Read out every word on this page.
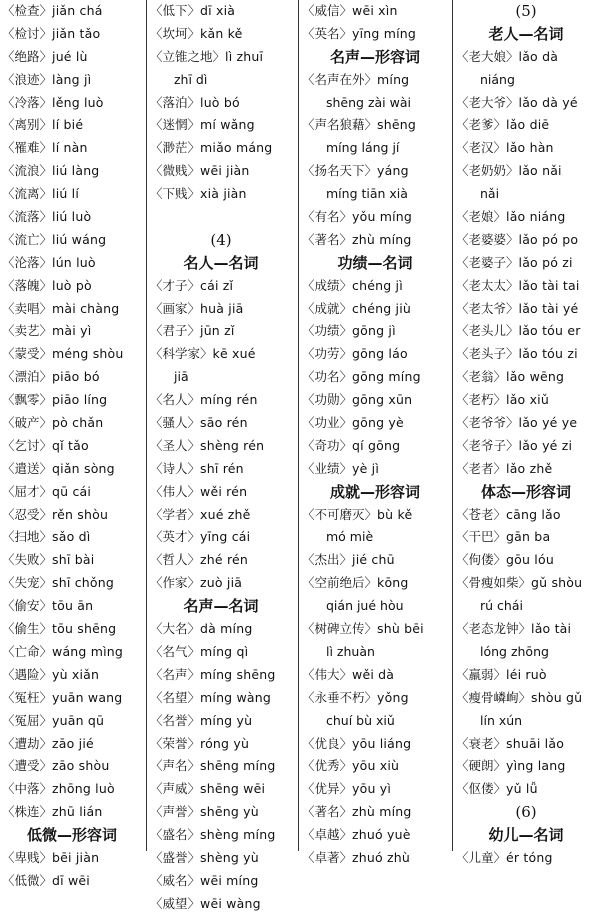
〈检查〉jiǎn chá
〈检讨〉jiǎn tǎo
〈绝路〉jué lù
〈浪迹〉làng jì
〈冷落〉lěng luò
〈离别〉lí bié
〈罹难〉lí nàn
〈流浪〉liú làng
〈流离〉liú lí
〈流落〉liú luò
〈流亡〉liú wáng
〈沦落〉lún luò
〈落魄〉luò pò
〈卖唱〉mài chàng
〈卖艺〉mài yì
〈蒙受〉méng shòu
〈漂泊〉piāo bó
〈飘零〉piāo líng
〈破产〉pò chǎn
〈乞讨〉qǐ tǎo
〈遣送〉qiǎn sòng
〈屈才〉qū cái
〈忍受〉rěn shòu
〈扫地〉sǎo dì
〈失败〉shī bài
〈失宠〉shī chǒng
〈偷安〉tōu ān
〈偷生〉tōu shēng
〈亡命〉wáng mìng
〈遇险〉yù xiǎn
〈冤枉〉yuān wang
〈冤屈〉yuān qū
〈遭劫〉zāo jié
〈遭受〉zāo shòu
〈中落〉zhōng luò
〈株连〉zhū lián
低微—形容词
〈卑贱〉bēi jiàn
〈低微〉dī wēi
〈低下〉dī xià
〈坎坷〉kǎn kě
〈立锥之地〉lì zhuī
zhī dì
〈落泊〉luò bó
〈迷惘〉mí wǎng
〈渺茫〉miǎo máng
〈微贱〉wēi jiàn
〈下贱〉xià jiàn
(4)
名人—名词
〈才子〉cái zǐ
〈画家〉huà jiā
〈君子〉jūn zǐ
〈科学家〉kē xué
jiā
〈名人〉míng rén
〈骚人〉sāo rén
〈圣人〉shèng rén
〈诗人〉shī rén
〈伟人〉wěi rén
〈学者〉xué zhě
〈英才〉yīng cái
〈哲人〉zhé rén
〈作家〉zuò jiā
名声—名词
〈大名〉dà míng
〈名气〉míng qì
〈名声〉míng shēng
〈名望〉míng wàng
〈名誉〉míng yù
〈荣誉〉róng yù
〈声名〉shēng míng
〈声威〉shēng wēi
〈声誉〉shēng yù
〈盛名〉shèng míng
〈盛誉〉shèng yù
〈威名〉wēi míng
〈威望〉wēi wàng
〈威信〉wēi xìn
〈英名〉yīng míng
名声—形容词
〈名声在外〉míng
shēng zài wài
〈声名狼藉〉shēng
míng láng jí
〈扬名天下〉yáng
míng tiān xià
〈有名〉yǒu míng
〈著名〉zhù míng
功绩—名词
〈成绩〉chéng jì
〈成就〉chéng jiù
〈功绩〉gōng jì
〈功劳〉gōng láo
〈功名〉gōng míng
〈功勋〉gōng xūn
〈功业〉gōng yè
〈奇功〉qí gōng
〈业绩〉yè jì
成就—形容词
〈不可磨灭〉bù kě
mó miè
〈杰出〉jié chū
〈空前绝后〉kōng
qián jué hòu
〈树碑立传〉shù bēi
lì zhuàn
〈伟大〉wěi dà
〈永垂不朽〉yǒng
chuí bù xiǔ
〈优良〉yōu liáng
〈优秀〉yōu xiù
〈优异〉yōu yì
〈著名〉zhù míng
〈卓越〉zhuó yuè
〈卓著〉zhuó zhù
(5)
老人—名词
〈老大娘〉lǎo dà
niáng
〈老大爷〉lǎo dà yé
〈老爹〉lǎo diē
〈老汉〉lǎo hàn
〈老奶奶〉lǎo nǎi
nǎi
〈老娘〉lǎo niáng
〈老婆婆〉lǎo pó po
〈老婆子〉lǎo pó zi
〈老太太〉lǎo tài tai
〈老太爷〉lǎo tài yé
〈老头儿〉lǎo tóu er
〈老头子〉lǎo tóu zi
〈老翁〉lǎo wēng
〈老朽〉lǎo xiǔ
〈老爷爷〉lǎo yé ye
〈老爷子〉lǎo yé zi
〈老者〉lǎo zhě
体态—形容词
〈苍老〉cāng lǎo
〈干巴〉gān ba
〈佝偻〉gōu lóu
〈骨瘦如柴〉gǔ shòu
rú chái
〈老态龙钟〉lǎo tài
lóng zhōng
〈羸弱〉léi ruò
〈瘦骨嶙峋〉shòu gǔ
lín xún
〈衰老〉shuāi lǎo
〈硬朗〉yìng lang
〈伛偻〉yǔ lǚ
(6)
幼儿—名词
〈儿童〉ér tóng
